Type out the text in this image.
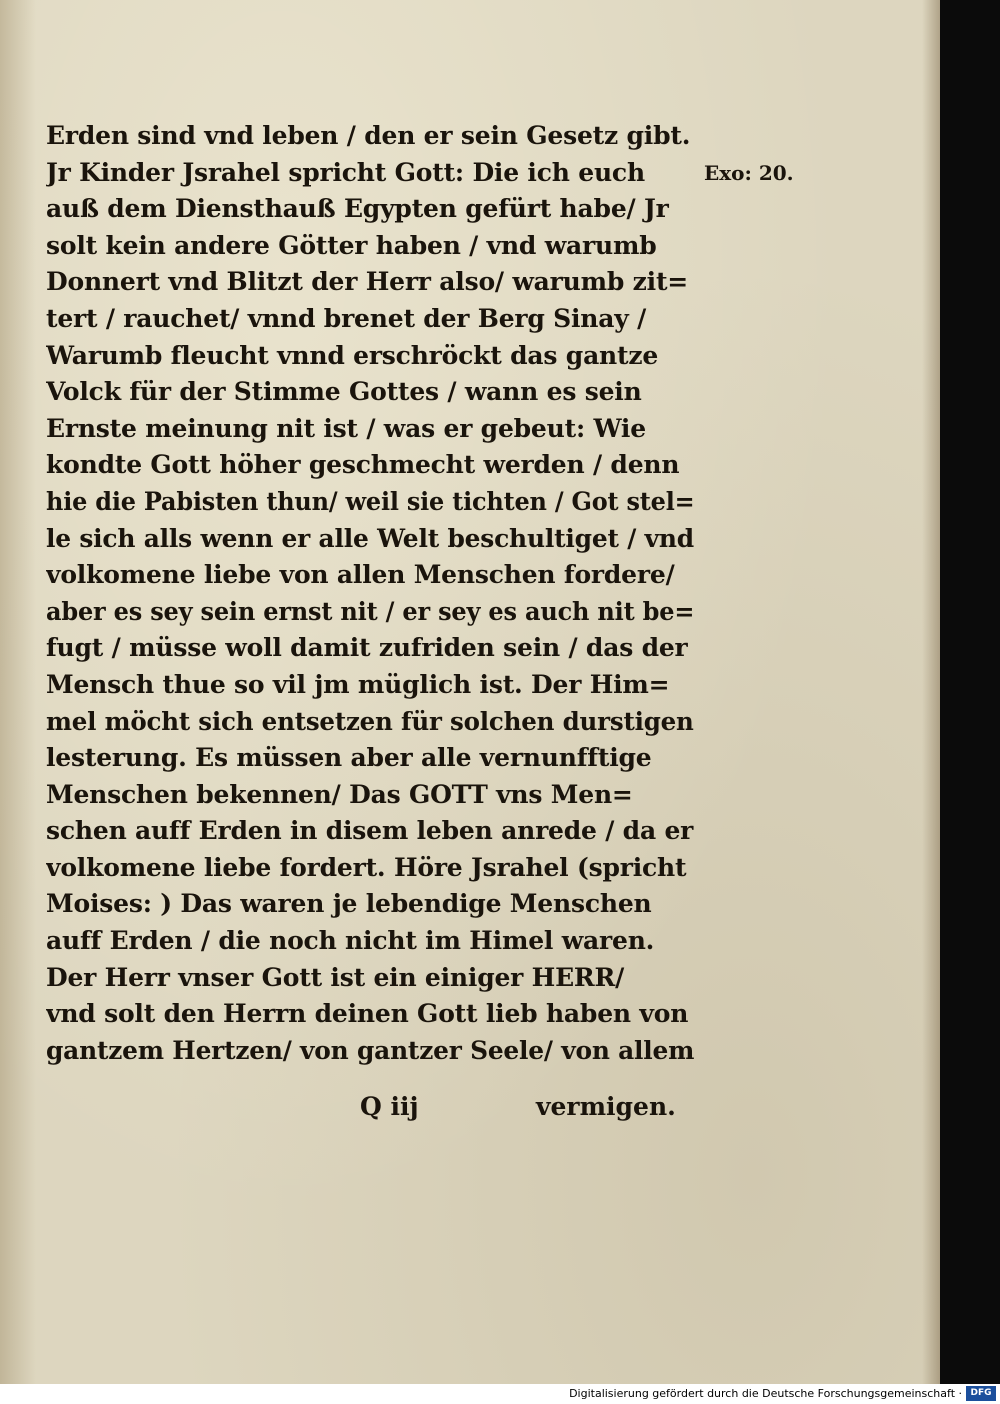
Erden sind vnd leben / den er sein Gesetz gibt.
Jr Kinder Jsrahel spricht Gott: Die ich euch
auß dem Diensthauß Egypten gefürt habe/ Jr
solt kein andere Götter haben / vnd warumb
Donnert vnd Blitzt der Herr also/ warumb zit=
tert / rauchet/ vnnd brenet der Berg Sinay /
Warumb fleucht vnnd erschröckt das gantze
Volck für der Stimme Gottes / wann es sein
Ernste meinung nit ist / was er gebeut: Wie
kondte Gott höher geschmecht werden / denn
hie die Pabisten thun/ weil sie tichten / Got stel=
le sich alls wenn er alle Welt beschultiget / vnd
volkomene liebe von allen Menschen fordere/
aber es sey sein ernst nit / er sey es auch nit be=
fugt / müsse woll damit zufriden sein / das der
Mensch thue so vil jm müglich ist. Der Him=
mel möcht sich entsetzen für solchen durstigen
lesterung. Es müssen aber alle vernunfftige
Menschen bekennen/ Das GOTT vns Men=
schen auff Erden in disem leben anrede / da er
volkomene liebe fordert. Höre Jsrahel (spricht
Moises: ) Das waren je lebendige Menschen
auff Erden / die noch nicht im Himel waren.
Der Herr vnser Gott ist ein einiger HERR/
vnd solt den Herrn deinen Gott lieb haben von
gantzem Hertzen/ von gantzer Seele/ von allem
Exo: 20.
Q iij	vermigen.
Digitalisierung gefördert durch die Deutsche Forschungsgemeinschaft · DFG
